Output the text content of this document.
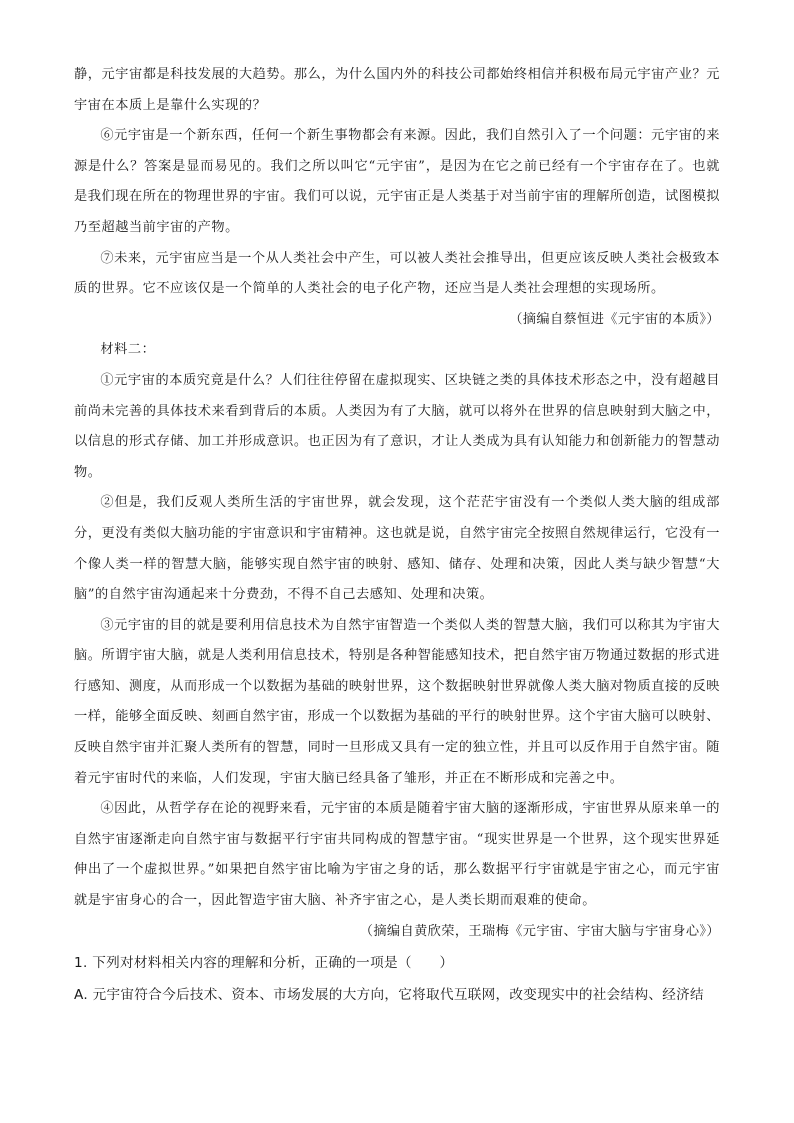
静，元宇宙都是科技发展的大趋势。那么，为什么国内外的科技公司都始终相信并积极布局元宇宙产业？元宇宙在本质上是靠什么实现的？

⑥元宇宙是一个新东西，任何一个新生事物都会有来源。因此，我们自然引入了一个问题：元宇宙的来源是什么？答案是显而易见的。我们之所以叫它“元宇宙”，是因为在它之前已经有一个宇宙存在了。也就是我们现在所在的物理世界的宇宙。我们可以说，元宇宙正是人类基于对当前宇宙的理解所创造，试图模拟乃至超越当前宇宙的产物。

⑦未来，元宇宙应当是一个从人类社会中产生，可以被人类社会推导出，但更应该反映人类社会极致本质的世界。它不应该仅是一个简单的人类社会的电子化产物，还应当是人类社会理想的实现场所。

（摘编自蔡恒进《元宇宙的本质》）

材料二：

①元宇宙的本质究竟是什么？人们往往停留在虚拟现实、区块链之类的具体技术形态之中，没有超越目前尚未完善的具体技术来看到背后的本质。人类因为有了大脑，就可以将外在世界的信息映射到大脑之中，以信息的形式存储、加工并形成意识。也正因为有了意识，才让人类成为具有认知能力和创新能力的智慧动物。

②但是，我们反观人类所生活的宇宙世界，就会发现，这个茫茫宇宙没有一个类似人类大脑的组成部分，更没有类似大脑功能的宇宙意识和宇宙精神。这也就是说，自然宇宙完全按照自然规律运行，它没有一个像人类一样的智慧大脑，能够实现自然宇宙的映射、感知、储存、处理和决策，因此人类与缺少智慧“大脑”的自然宇宙沟通起来十分费劲，不得不自己去感知、处理和决策。

③元宇宙的目的就是要利用信息技术为自然宇宙智造一个类似人类的智慧大脑，我们可以称其为宇宙大脑。所谓宇宙大脑，就是人类利用信息技术，特别是各种智能感知技术，把自然宇宙万物通过数据的形式进行感知、测度，从而形成一个以数据为基础的映射世界，这个数据映射世界就像人类大脑对物质直接的反映一样，能够全面反映、刻画自然宇宙，形成一个以数据为基础的平行的映射世界。这个宇宙大脑可以映射、反映自然宇宙并汇聚人类所有的智慧，同时一旦形成又具有一定的独立性，并且可以反作用于自然宇宙。随着元宇宙时代的来临，人们发现，宇宙大脑已经具备了雏形，并正在不断形成和完善之中。

④因此，从哲学存在论的视野来看，元宇宙的本质是随着宇宙大脑的逐渐形成，宇宙世界从原来单一的自然宇宙逐渐走向自然宇宙与数据平行宇宙共同构成的智慧宇宙。“现实世界是一个世界，这个现实世界延伸出了一个虚拟世界。”如果把自然宇宙比喻为宇宙之身的话，那么数据平行宇宙就是宇宙之心，而元宇宙就是宇宙身心的合一，因此智造宇宙大脑、补齐宇宙之心，是人类长期而艰难的使命。

（摘编自黄欣荣，王瑞梅《元宇宙、宇宙大脑与宇宙身心》）

1. 下列对材料相关内容的理解和分析，正确的一项是（　　）

A. 元宇宙符合今后技术、资本、市场发展的大方向，它将取代互联网，改变现实中的社会结构、经济结
